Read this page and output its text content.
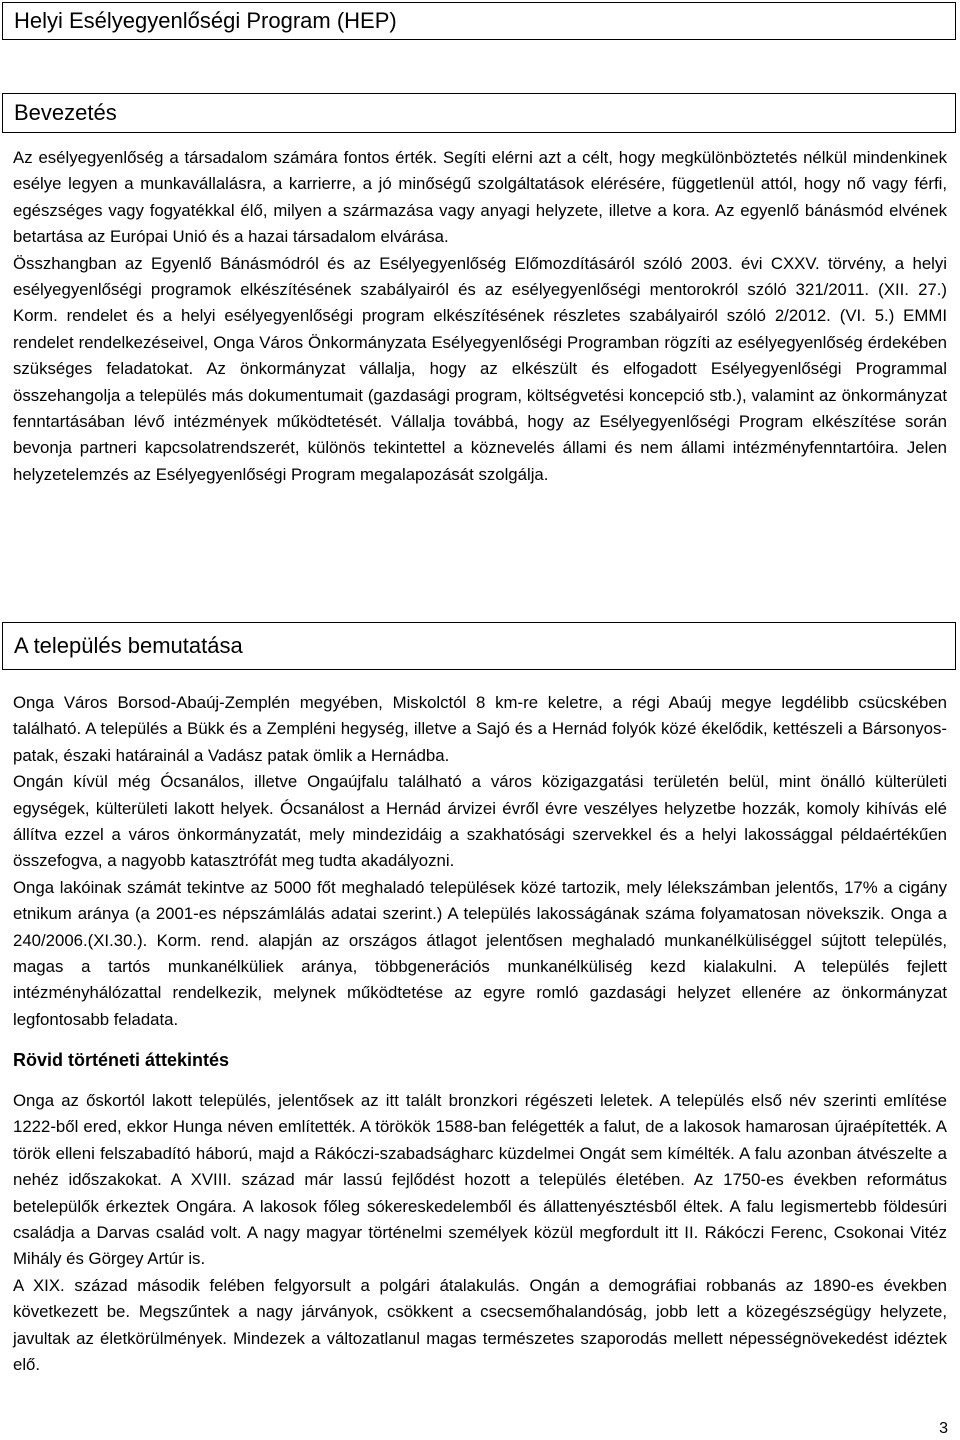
Helyi Esélyegyenlőségi Program (HEP)
Bevezetés

Az esélyegyenlőség a társadalom számára fontos érték. Segíti elérni azt a célt, hogy megkülönböztetés nélkül mindenkinek esélye legyen a munkavállalásra, a karrierre, a jó minőségű szolgáltatások elérésére, függetlenül attól, hogy nő vagy férfi, egészséges vagy fogyatékkal élő, milyen a származása vagy anyagi helyzete, illetve a kora. Az egyenlő bánásmód elvének betartása az Európai Unió és a hazai társadalom elvárása.

Összhangban az Egyenlő Bánásmódról és az Esélyegyenlőség Előmozdításáról szóló 2003. évi CXXV. törvény, a helyi esélyegyenlőségi programok elkészítésének szabályairól és az esélyegyenlőségi mentorokról szóló 321/2011. (XII. 27.) Korm. rendelet és a helyi esélyegyenlőségi program elkészítésének részletes szabályairól szóló 2/2012. (VI. 5.) EMMI rendelet rendelkezéseivel, Onga Város Önkormányzata Esélyegyenlőségi Programban rögzíti az esélyegyenlőség érdekében szükséges feladatokat. Az önkormányzat vállalja, hogy az elkészült és elfogadott Esélyegyenlőségi Programmal összehangolja a település más dokumentumait (gazdasági program, költségvetési koncepció stb.), valamint az önkormányzat fenntartásában lévő intézmények működtetését. Vállalja továbbá, hogy az Esélyegyenlőségi Program elkészítése során bevonja partneri kapcsolatrendszerét, különös tekintettel a köznevelés állami és nem állami intézményfenntartóira. Jelen helyzetelemzés az Esélyegyenlőségi Program megalapozását szolgálja.

A település bemutatása

Onga Város Borsod-Abaúj-Zemplén megyében, Miskolctól 8 km-re keletre, a régi Abaúj megye legdélibb csücskében található. A település a Bükk és a Zempléni hegység, illetve a Sajó és a Hernád folyók közé ékelődik, kettészeli a Bársonyos-patak, északi határainál a Vadász patak ömlik a Hernádba.

Ongán kívül még Ócsanálos, illetve Ongaújfalu található a város közigazgatási területén belül, mint önálló külterületi egységek, külterületi lakott helyek. Ócsanálost a Hernád árvizei évről évre veszélyes helyzetbe hozzák, komoly kihívás elé állítva ezzel a város önkormányzatát, mely mindezidáig a szakhatósági szervekkel és a helyi lakossággal példaértékűen összefogva, a nagyobb katasztrófát meg tudta akadályozni.

Onga lakóinak számát tekintve az 5000 főt meghaladó települések közé tartozik, mely lélekszámban jelentős, 17% a cigány etnikum aránya (a 2001-es népszámlálás adatai szerint.) A település lakosságának száma folyamatosan növekszik. Onga a 240/2006.(XI.30.). Korm. rend. alapján az országos átlagot jelentősen meghaladó munkanélküliséggel sújtott település, magas a tartós munkanélküliek aránya, többgenerációs munkanélküliség kezd kialakulni. A település fejlett intézményhálózattal rendelkezik, melynek működtetése az egyre romló gazdasági helyzet ellenére az önkormányzat legfontosabb feladata.

Rövid történeti áttekintés

Onga az őskortól lakott település, jelentősek az itt talált bronzkori régészeti leletek. A település első név szerinti említése 1222-ből ered, ekkor Hunga néven említették. A törökök 1588-ban felégették a falut, de a lakosok hamarosan újraépítették. A török elleni felszabadító háború, majd a Rákóczi-szabadságharc küzdelmei Ongát sem kímélték. A falu azonban átvészelte a nehéz időszakokat. A XVIII. század már lassú fejlődést hozott a település életében. Az 1750-es években református betelepülők érkeztek Ongára. A lakosok főleg sókereskedelemből és állattenyésztésből éltek. A falu legismertebb földesúri családja a Darvas család volt. A nagy magyar történelmi személyek közül megfordult itt II. Rákóczi Ferenc, Csokonai Vitéz Mihály és Görgey Artúr is.

A XIX. század második felében felgyorsult a polgári átalakulás. Ongán a demográfiai robbanás az 1890-es években következett be. Megszűntek a nagy járványok, csökkent a csecsemőhalandóság, jobb lett a közegészségügy helyzete, javultak az életkörülmények. Mindezek a változatlanul magas természetes szaporodás mellett népességnövekedést idéztek elő.

3
